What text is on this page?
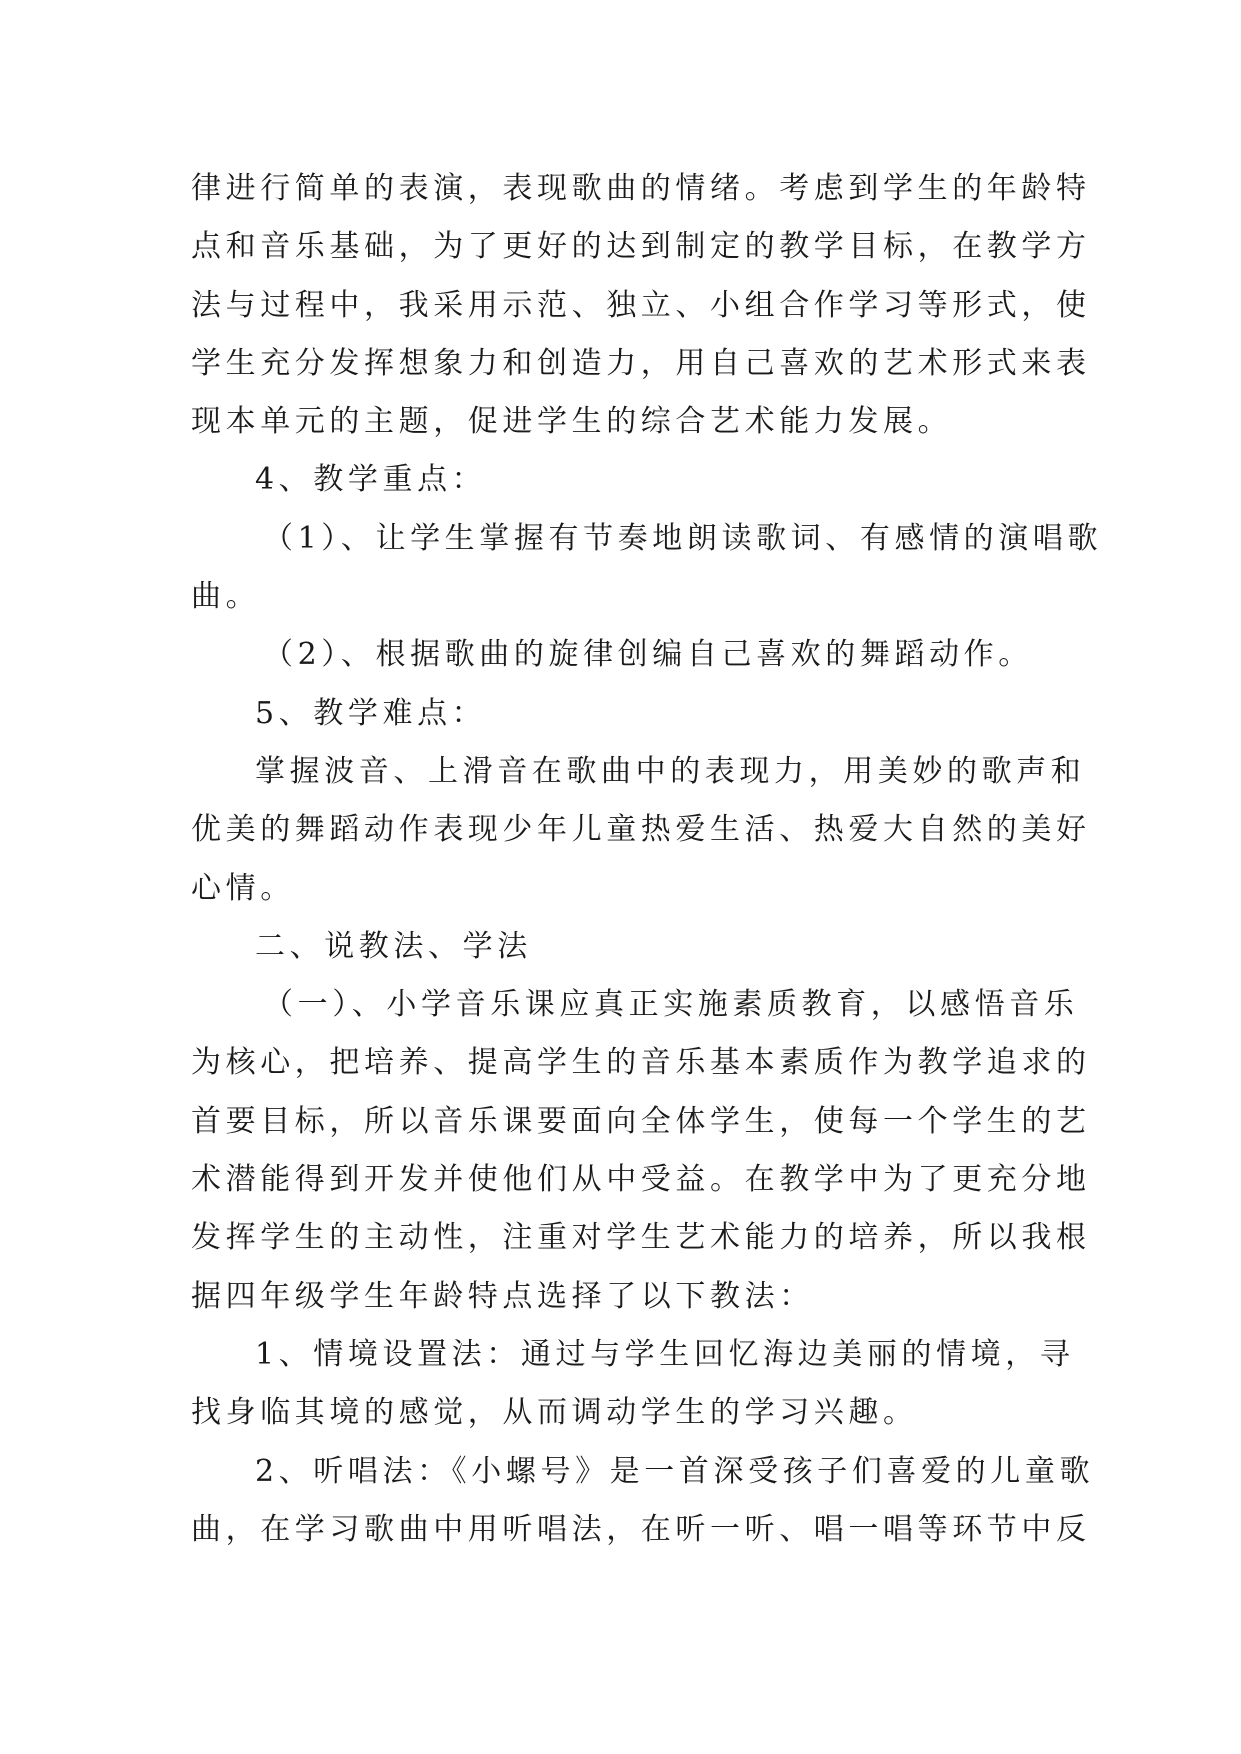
律进行简单的表演，表现歌曲的情绪。考虑到学生的年龄特
点和音乐基础，为了更好的达到制定的教学目标，在教学方
法与过程中，我采用示范、独立、小组合作学习等形式，使
学生充分发挥想象力和创造力，用自己喜欢的艺术形式来表
现本单元的主题，促进学生的综合艺术能力发展。
4、教学重点：
（1）、让学生掌握有节奏地朗读歌词、有感情的演唱歌
曲。
（2）、根据歌曲的旋律创编自己喜欢的舞蹈动作。
5、教学难点：
掌握波音、上滑音在歌曲中的表现力，用美妙的歌声和
优美的舞蹈动作表现少年儿童热爱生活、热爱大自然的美好
心情。
二、说教法、学法
（一）、小学音乐课应真正实施素质教育，以感悟音乐
为核心，把培养、提高学生的音乐基本素质作为教学追求的
首要目标，所以音乐课要面向全体学生，使每一个学生的艺
术潜能得到开发并使他们从中受益。在教学中为了更充分地
发挥学生的主动性，注重对学生艺术能力的培养，所以我根
据四年级学生年龄特点选择了以下教法：
1、情境设置法：通过与学生回忆海边美丽的情境，寻
找身临其境的感觉，从而调动学生的学习兴趣。
2、听唱法：《小螺号》是一首深受孩子们喜爱的儿童歌
曲，在学习歌曲中用听唱法，在听一听、唱一唱等环节中反
